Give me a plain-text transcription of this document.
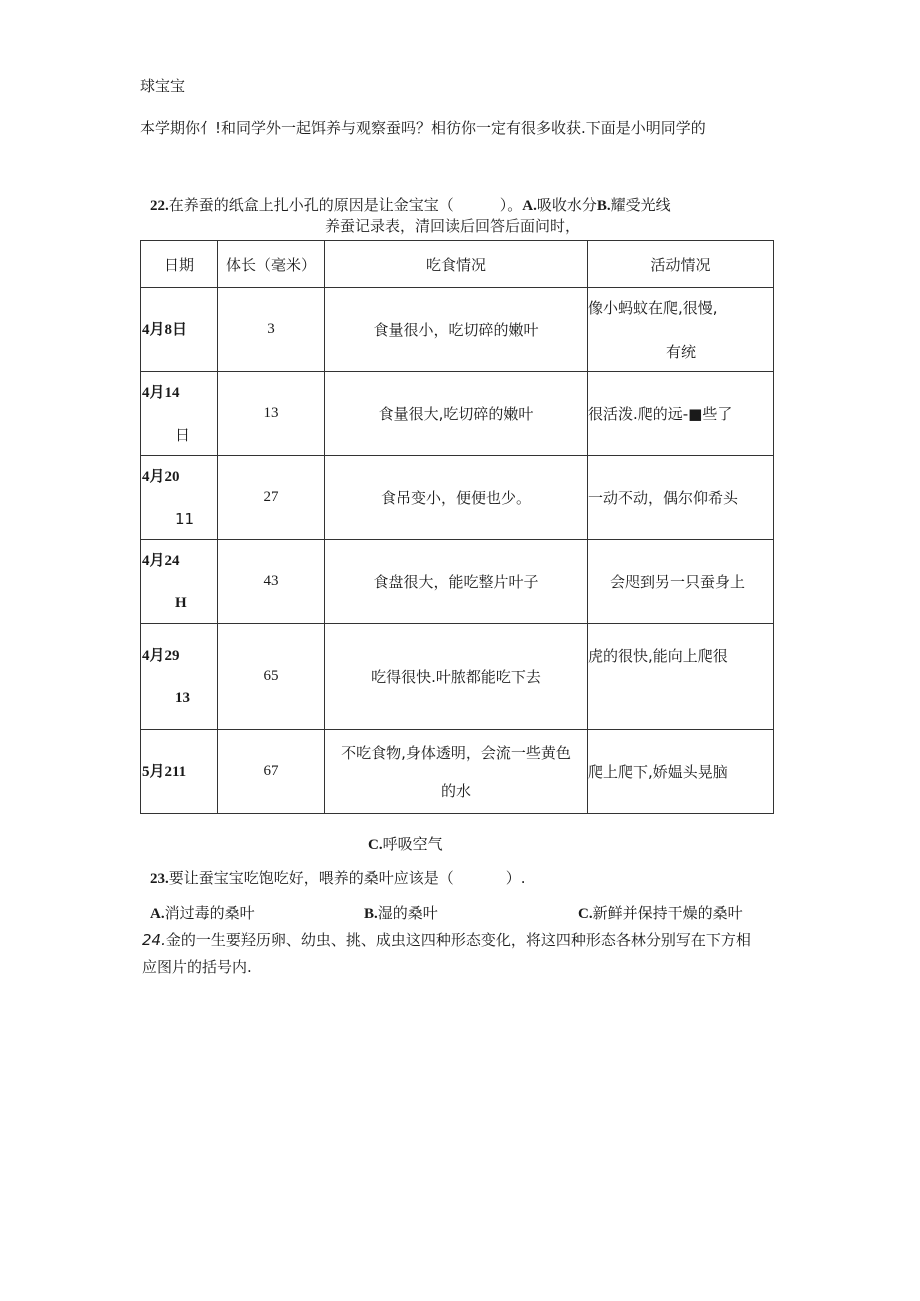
球宝宝
本学期你亻!和同学外一起饵养与观察蚕吗？相彷你一定有很多收获.下面是小明同学的
22.在养蚕的纸盒上扎小孔的原因是让金宝宝（	）。A.吸收水分B.耀受光线
养蚕记录表，清回读后回答后面问时，
日期	体长（毫米）	吃食情况	活动情况

4月8日	3	食量很小，吃切碎的嫩叶	像小蚂蚊在爬,很慢,
有统

4月14
日	13	食量很大,吃切碎的嫩叶	很活泼.爬的远-■些了

4月20
11	27	食吊变小，便便也少。	一动不动，偶尔仰希头

4月24
H	43	食盘很大，能吃整片叶子	会咫到另一只蚕身上

4月29
13	65	吃得很快.叶脓都能吃下去	虎的很快,能向上爬很

5月211	67	不吃食物,身体透明，会流一些黄色的水	爬上爬下,娇媪头晃脑
C.呼吸空气
23.要让蚕宝宝吃饱吃好，喂养的桑叶应该是（	）.
A.消过毒的桑叶	B.湿的桑叶	C.新鲜并保持干燥的桑叶
24.金的一生要羟历卵、幼虫、挑、成虫这四种形态变化，将这四种形态各林分别写在下方相
应图片的括号内.
